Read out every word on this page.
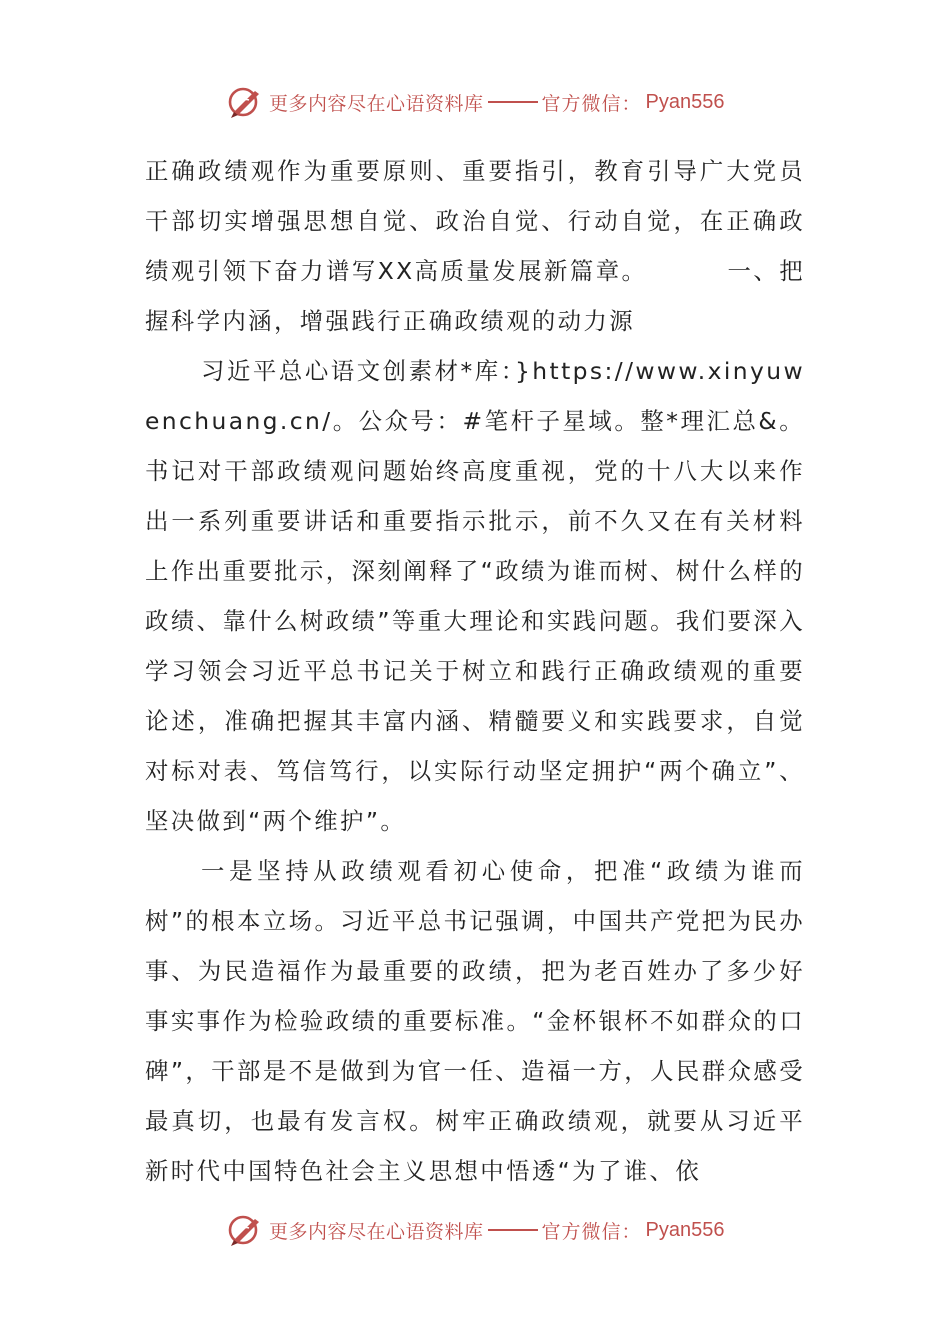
更多内容尽在心语资料库	官方微信： Pyan556

正确政绩观作为重要原则、重要指引，教育引导广大党员干部切实增强思想自觉、政治自觉、行动自觉，在正确政绩观引领下奋力谱写XX高质量发展新篇章。	一、把握科学内涵，增强践行正确政绩观的动力源

习近平总心语文创素材*库：}https://www.xinyuwenchuang.cn/。公众号：#笔杆子星域。整*理汇总&。书记对干部政绩观问题始终高度重视，党的十八大以来作出一系列重要讲话和重要指示批示，前不久又在有关材料上作出重要批示，深刻阐释了“政绩为谁而树、树什么样的政绩、靠什么树政绩”等重大理论和实践问题。我们要深入学习领会习近平总书记关于树立和践行正确政绩观的重要论述，准确把握其丰富内涵、精髓要义和实践要求，自觉对标对表、笃信笃行，以实际行动坚定拥护“两个确立”、坚决做到“两个维护”。

一是坚持从政绩观看初心使命，把准“政绩为谁而树”的根本立场。习近平总书记强调，中国共产党把为民办事、为民造福作为最重要的政绩，把为老百姓办了多少好事实事作为检验政绩的重要标准。“金杯银杯不如群众的口碑”，干部是不是做到为官一任、造福一方，人民群众感受最真切，也最有发言权。树牢正确政绩观，就要从习近平新时代中国特色社会主义思想中悟透“为了谁、依

更多内容尽在心语资料库	官方微信： Pyan556
